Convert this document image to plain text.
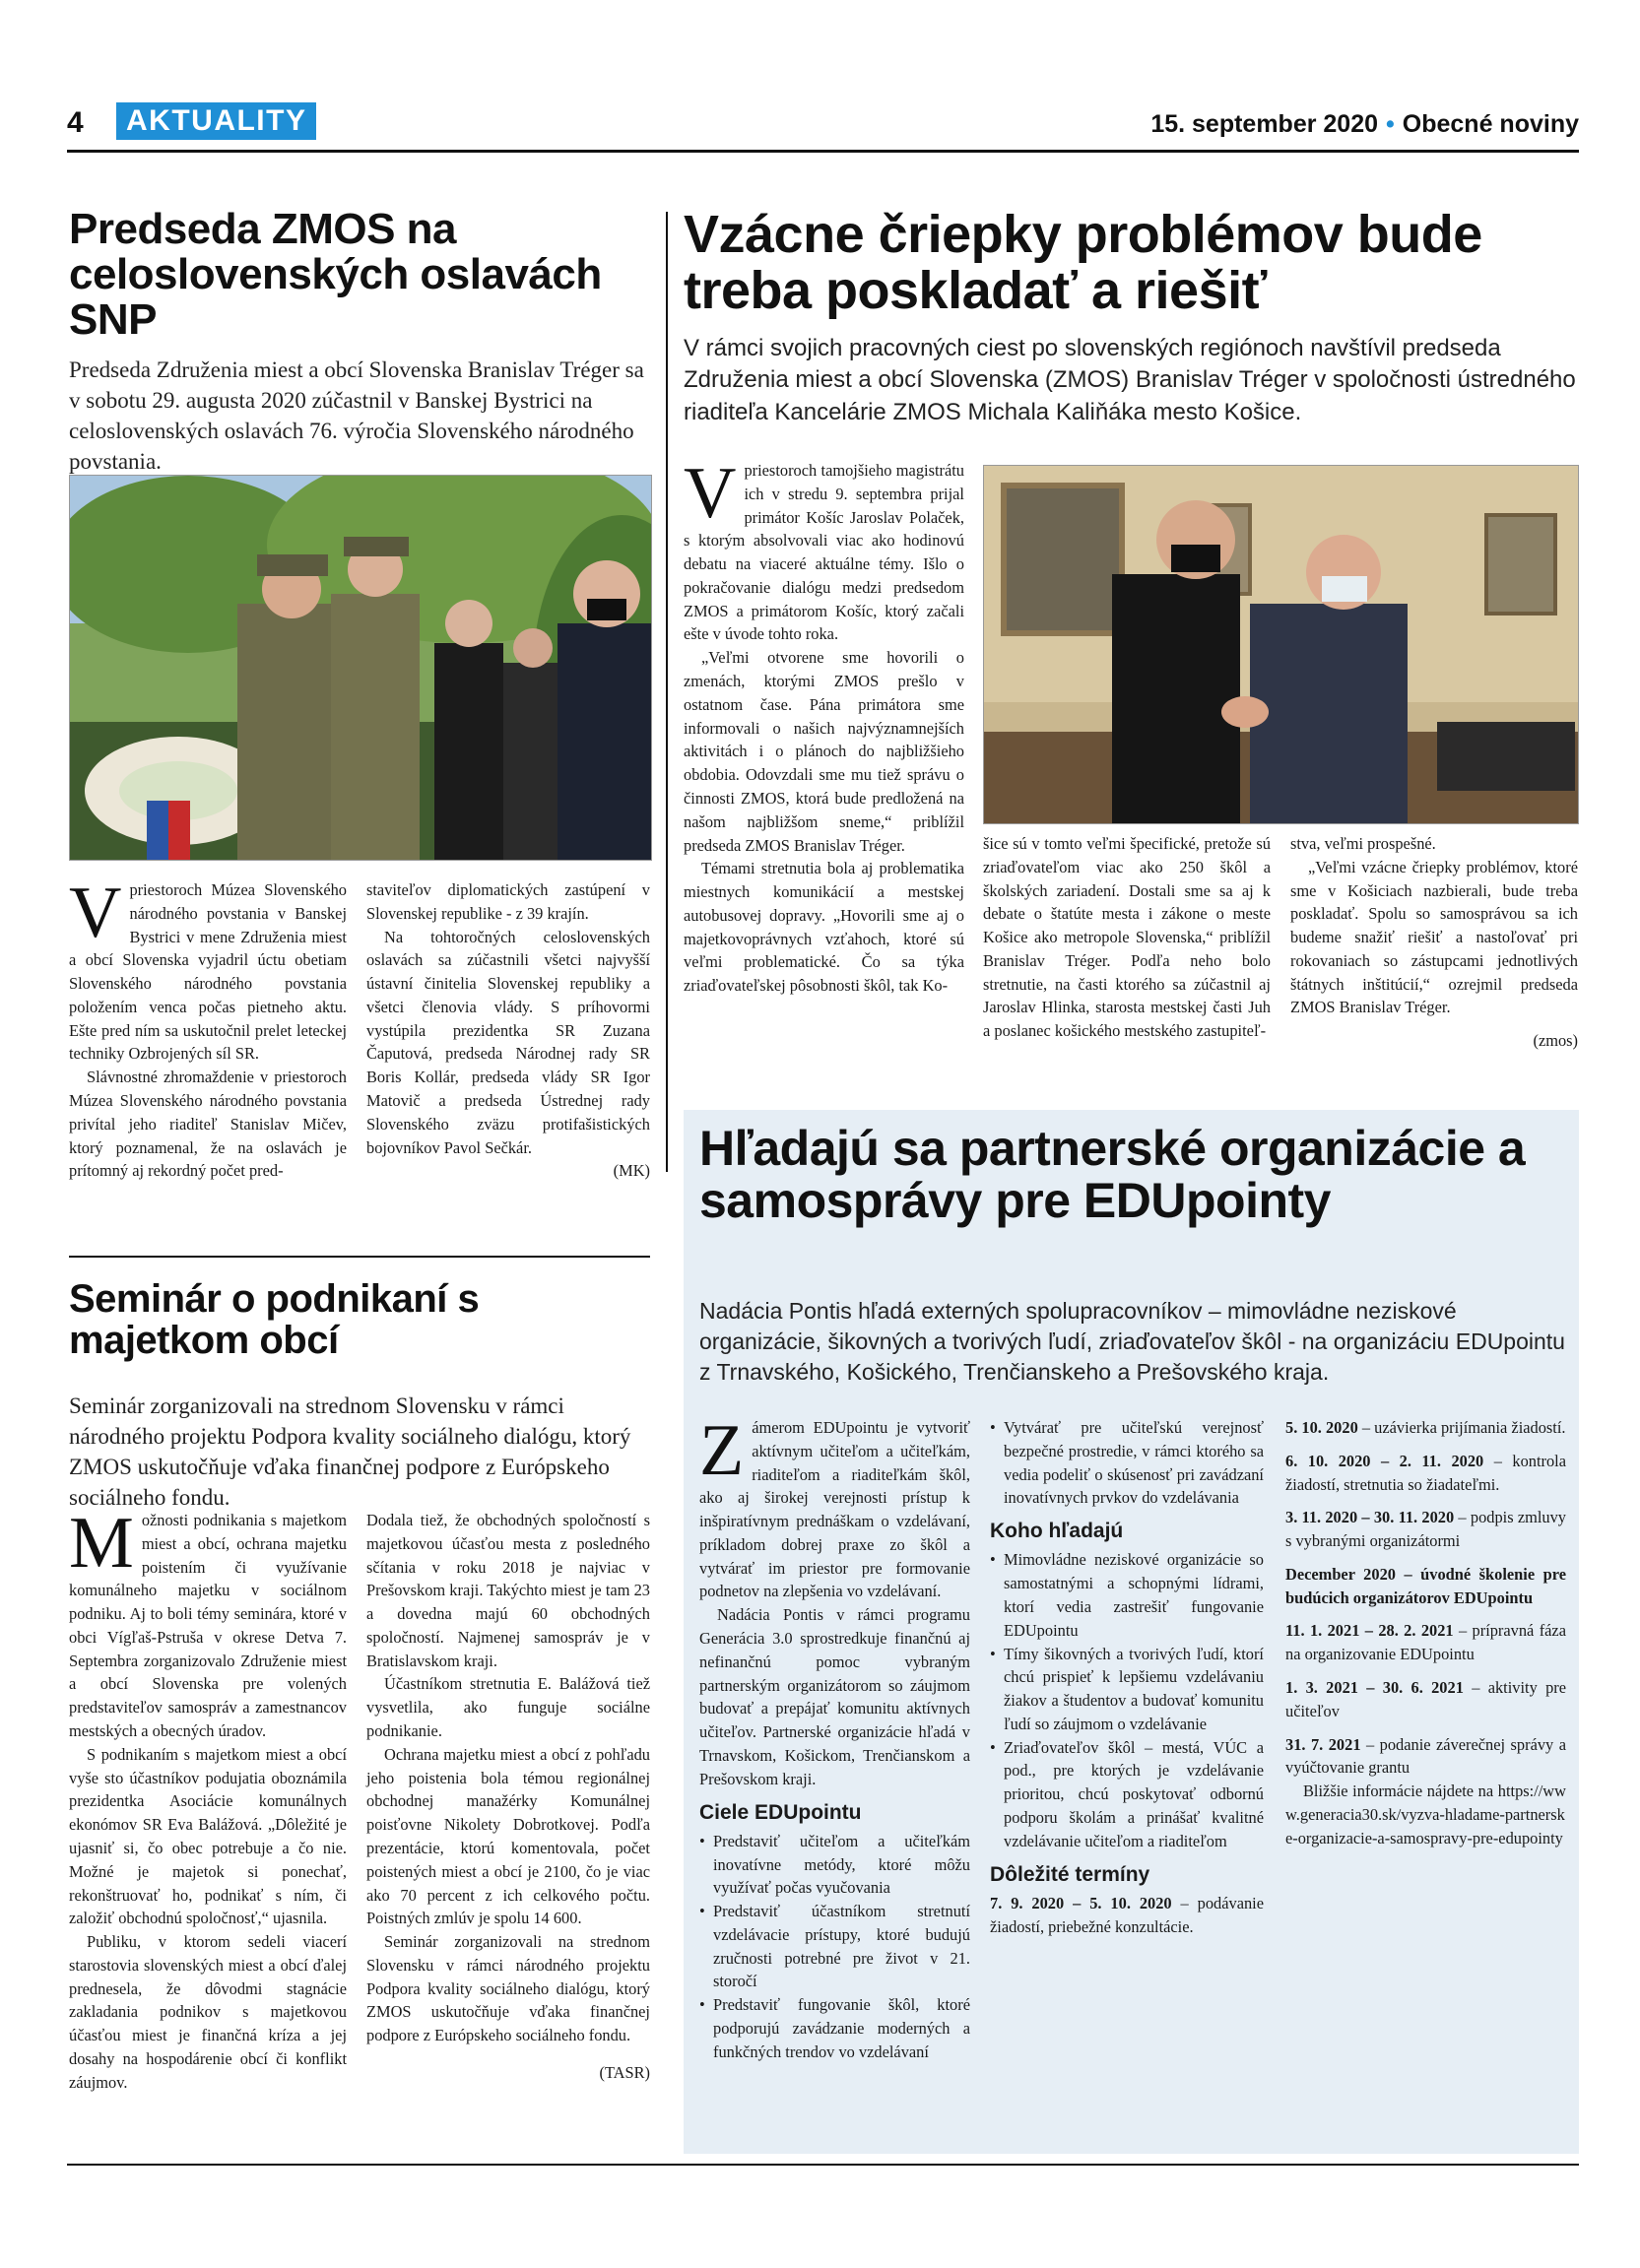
4	AKTUALITY	15. september 2020 • Obecné noviny
Predseda ZMOS na celoslovenských oslavách SNP

Predseda Združenia miest a obcí Slovenska Branislav Tréger sa v sobotu 29. augusta 2020 zúčastnil v Banskej Bystrici na celoslovenských oslavách 76. výročia Slovenského národného povstania.

Vpriestoroch Múzea Slovenského národného povstania v Banskej Bystrici v mene Združenia miest a obcí Slovenska vyjadril úctu obetiam Slovenského národného povstania položením venca počas pietneho aktu. Ešte pred ním sa uskutočnil prelet leteckej techniky Ozbrojených síl SR.

Slávnostné zhromaždenie v priestoroch Múzea Slovenského národného povstania privítal jeho riaditeľ Stanislav Mičev, ktorý poznamenal, že na oslavách je prítomný aj rekordný počet pred-

staviteľov diplomatických zastúpení v Slovenskej republike - z 39 krajín.

Na tohtoročných celoslovenských oslavách sa zúčastnili všetci najvyšší ústavní činitelia Slovenskej republiky a všetci členovia vlády. S príhovormi vystúpila prezidentka SR Zuzana Čaputová, predseda Národnej rady SR Boris Kollár, predseda vlády SR Igor Matovič a predseda Ústrednej rady Slovenského zväzu protifašistických bojovníkov Pavol Sečkár.

(MK)
Seminár o podnikaní s majetkom obcí

Seminár zorganizovali na strednom Slovensku v rámci národného projektu Podpora kvality sociálneho dialógu, ktorý ZMOS uskutočňuje vďaka finančnej podpore z Európskeho sociálneho fondu.

Možnosti podnikania s majetkom miest a obcí, ochrana majetku poistením či využívanie komunálneho majetku v sociálnom podniku. Aj to boli témy seminára, ktoré v obci Vígľaš-Pstruša v okrese Detva 7. Septembra zorganizovalo Združenie miest a obcí Slovenska pre volených predstaviteľov samospráv a zamestnancov mestských a obecných úradov.

S podnikaním s majetkom miest a obcí vyše sto účastníkov podujatia oboznámila prezidentka Asociácie komunálnych ekonómov SR Eva Balážová. „Dôležité je ujasniť si, čo obec potrebuje a čo nie. Možné je majetok si ponechať, rekonštruovať ho, podnikať s ním, či založiť obchodnú spoločnosť,“ ujasnila.

Publiku, v ktorom sedeli viacerí starostovia slovenských miest a obcí ďalej prednesela, že dôvodmi stagnácie zakladania podnikov s majetkovou účasťou miest je finančná kríza a jej dosahy na hospodárenie obcí či konflikt záujmov.

Dodala tiež, že obchodných spoločností s majetkovou účasťou mesta z posledného sčítania v roku 2018 je najviac v Prešovskom kraji. Takýchto miest je tam 23 a dovedna majú 60 obchodných spoločností. Najmenej samospráv je v Bratislavskom kraji.

Účastníkom stretnutia E. Balážová tiež vysvetlila, ako funguje sociálne podnikanie.

Ochrana majetku miest a obcí z pohľadu jeho poistenia bola témou regionálnej obchodnej manažérky Komunálnej poisťovne Nikolety Dobrotkovej. Podľa prezentácie, ktorú komentovala, počet poistených miest a obcí je 2100, čo je viac ako 70 percent z ich celkového počtu. Poistných zmlúv je spolu 14 600.

Seminár zorganizovali na strednom Slovensku v rámci národného projektu Podpora kvality sociálneho dialógu, ktorý ZMOS uskutočňuje vďaka finančnej podpore z Európskeho sociálneho fondu.

(TASR)
Vzácne čriepky problémov bude treba poskladať a riešiť

V rámci svojich pracovných ciest po slovenských regiónoch navštívil predseda Združenia miest a obcí Slovenska (ZMOS) Branislav Tréger v spoločnosti ústredného riaditeľa Kancelárie ZMOS Michala Kaliňáka mesto Košice.

Vpriestoroch tamojšieho magistrátu ich v stredu 9. septembra prijal primátor Košíc Jaroslav Polaček, s ktorým absolvovali viac ako hodinovú debatu na viaceré aktuálne témy. Išlo o pokračovanie dialógu medzi predsedom ZMOS a primátorom Košíc, ktorý začali ešte v úvode tohto roka.

„Veľmi otvorene sme hovorili o zmenách, ktorými ZMOS prešlo v ostatnom čase. Pána primátora sme informovali o našich najvýznamnejších aktivitách i o plánoch do najbližšieho obdobia. Odovzdali sme mu tiež správu o činnosti ZMOS, ktorá bude predložená na našom najbližšom sneme,“ priblížil predseda ZMOS Branislav Tréger.

Témami stretnutia bola aj problematika miestnych komunikácií a mestskej autobusovej dopravy. „Hovorili sme aj o majetkovoprávnych vzťahoch, ktoré sú veľmi problematické. Čo sa týka zriaďovateľskej pôsobnosti škôl, tak Ko-

šice sú v tomto veľmi špecifické, pretože sú zriaďovateľom viac ako 250 škôl a školských zariadení. Dostali sme sa aj k debate o štatúte mesta i zákone o meste Košice ako metropole Slovenska,“ priblížil Branislav Tréger. Podľa neho bolo stretnutie, na časti ktorého sa zúčastnil aj Jaroslav Hlinka, starosta mestskej časti Juh a poslanec košického mestského zastupiteľ-

stva, veľmi prospešné.

„Veľmi vzácne čriepky problémov, ktoré sme v Košiciach nazbierali, bude treba poskladať. Spolu so samosprávou sa ich budeme snažiť riešiť a nastoľovať pri rokovaniach so zástupcami jednotlivých štátnych inštitúcií,“ ozrejmil predseda ZMOS Branislav Tréger.

(zmos)
Hľadajú sa partnerské organizácie a samosprávy pre EDUpointy

Nadácia Pontis hľadá externých spolupracovníkov – mimovládne neziskové organizácie, šikovných a tvorivých ľudí, zriaďovateľov škôl - na organizáciu EDUpointu z Trnavského, Košického, Trenčianskeho a Prešovského kraja.

Zámerom EDUpointu je vytvoriť aktívnym učiteľom a učiteľkám, riaditeľom a riaditeľkám škôl, ako aj širokej verejnosti prístup k inšpiratívnym prednáškam o vzdelávaní, príkladom dobrej praxe zo škôl a vytvárať im priestor pre formovanie podnetov na zlepšenia vo vzdelávaní.

Nadácia Pontis v rámci programu Generácia 3.0 sprostredkuje finančnú aj nefinančnú pomoc vybraným partnerským organizátorom so záujmom budovať a prepájať komunitu aktívnych učiteľov. Partnerské organizácie hľadá v Trnavskom, Košickom, Trenčianskom a Prešovskom kraji.

Ciele EDUpointu
• Predstaviť učiteľom a učiteľkám inovatívne metódy, ktoré môžu využívať počas vyučovania
• Predstaviť účastníkom stretnutí vzdelávacie prístupy, ktoré budujú zručnosti potrebné pre život v 21. storočí
• Predstaviť fungovanie škôl, ktoré podporujú zavádzanie moderných a funkčných trendov vo vzdelávaní
• Vytvárať pre učiteľskú verejnosť bezpečné prostredie, v rámci ktorého sa vedia podeliť o skúsenosť pri zavádzaní inovatívnych prvkov do vzdelávania
Koho hľadajú
• Mimovládne neziskové organizácie so samostatnými a schopnými lídrami, ktorí vedia zastrešiť fungovanie EDUpointu
• Tímy šikovných a tvorivých ľudí, ktorí chcú prispieť k lepšiemu vzdelávaniu žiakov a študentov a budovať komunitu ľudí so záujmom o vzdelávanie
• Zriaďovateľov škôl – mestá, VÚC a pod., pre ktorých je vzdelávanie prioritou, chcú poskytovať odbornú podporu školám a prinášať kvalitné vzdelávanie učiteľom a riaditeľom
Dôležité termíny

7. 9. 2020 – 5. 10. 2020 – podávanie žiadostí, priebežné konzultácie.

5. 10. 2020 – uzávierka prijímania žiadostí.

6. 10. 2020 – 2. 11. 2020 – kontrola žiadostí, stretnutia so žiadateľmi.

3. 11. 2020 – 30. 11. 2020 – podpis zmluvy s vybranými organizátormi

December 2020 – úvodné školenie pre budúcich organizátorov EDUpointu

11. 1. 2021 – 28. 2. 2021 – prípravná fáza na organizovanie EDUpointu

1. 3. 2021 – 30. 6. 2021 – aktivity pre učiteľov

31. 7. 2021 – podanie záverečnej správy a vyúčtovanie grantu

Bližšie informácie nájdete na https://www.generacia30.sk/vyzva-hladame-partnerske-organizacie-a-samospravy-pre-edupointy
